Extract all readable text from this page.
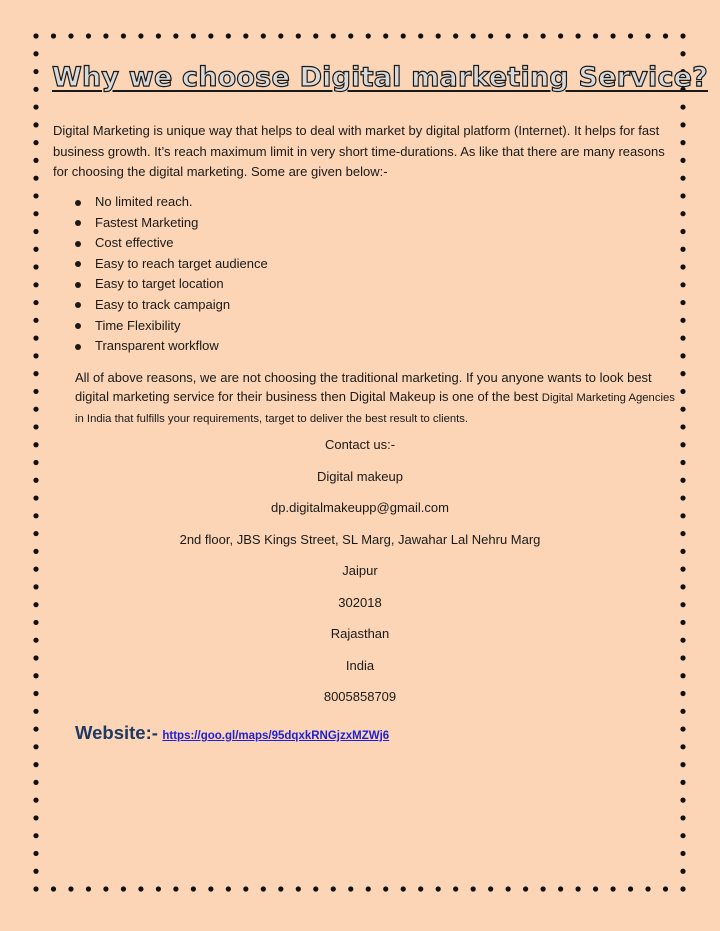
Why we choose Digital marketing Service?
Digital Marketing is unique way that helps to deal with market by digital platform (Internet). It helps for fast business growth. It’s reach maximum limit in very short time-durations. As like that there are many reasons for choosing the digital marketing. Some are given below:-
No limited reach.
Fastest Marketing
Cost effective
Easy to reach target audience
Easy to target location
Easy to track campaign
Time Flexibility
Transparent workflow
All of above reasons, we are not choosing the traditional marketing. If you anyone wants to look best digital marketing service for their business then Digital Makeup is one of the best Digital Marketing Agencies in India that fulfills your requirements, target to deliver the best result to clients.
Contact us:-
Digital makeup
dp.digitalmakeupp@gmail.com
2nd floor, JBS Kings Street, SL Marg, Jawahar Lal Nehru Marg
Jaipur
302018
Rajasthan
India
8005858709
Website:- https://goo.gl/maps/95dqxkRNGjzxMZWj6
